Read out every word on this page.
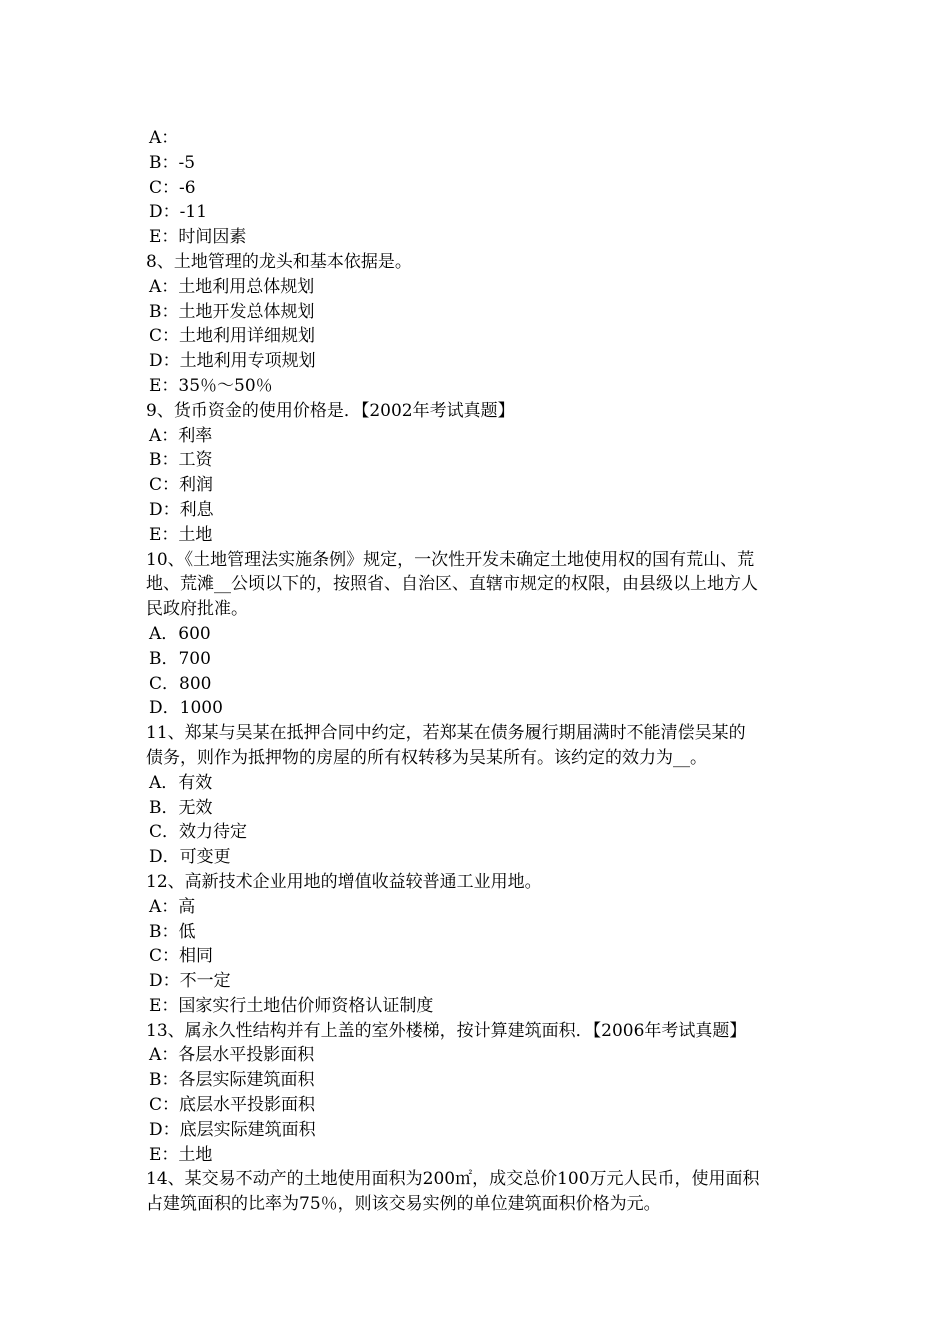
A：
B：-5
C：-6
D：-11
E：时间因素
8、土地管理的龙头和基本依据是。
A：土地利用总体规划
B：土地开发总体规划
C：土地利用详细规划
D：土地利用专项规划
E：35％～50％
9、货币资金的使用价格是．【2002年考试真题】
A：利率
B：工资
C：利润
D：利息
E：土地
10、《土地管理法实施条例》规定，一次性开发未确定土地使用权的国有荒山、荒
地、荒滩__公顷以下的，按照省、自治区、直辖市规定的权限，由县级以上地方人
民政府批准。
A．600
B．700
C．800
D．1000
11、郑某与吴某在抵押合同中约定，若郑某在债务履行期届满时不能清偿吴某的
债务，则作为抵押物的房屋的所有权转移为吴某所有。该约定的效力为__。
A．有效
B．无效
C．效力待定
D．可变更
12、高新技术企业用地的增值收益较普通工业用地。
A：高
B：低
C：相同
D：不一定
E：国家实行土地估价师资格认证制度
13、属永久性结构并有上盖的室外楼梯，按计算建筑面积．【2006年考试真题】
A：各层水平投影面积
B：各层实际建筑面积
C：底层水平投影面积
D：底层实际建筑面积
E：土地
14、某交易不动产的土地使用面积为200㎡，成交总价100万元人民币，使用面积
占建筑面积的比率为75％，则该交易实例的单位建筑面积价格为元。
